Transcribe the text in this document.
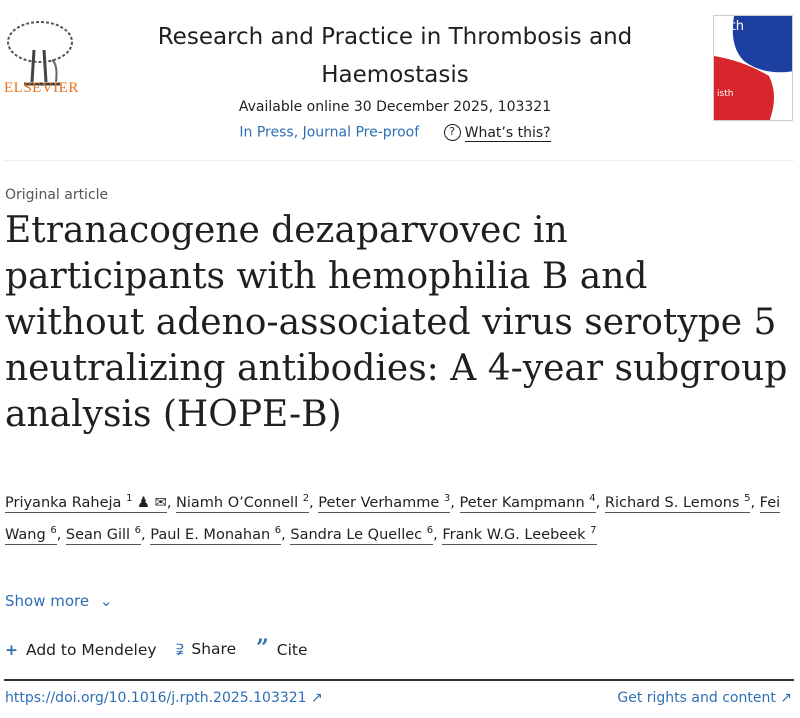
ELSEVIER
Research and Practice in Thrombosis and Haemostasis
Available online 30 December 2025, 103321
In Press, Journal Pre-proof	? What’s this?
rpth
isth
Original article
Etranacogene dezaparvovec in participants with hemophilia B and without adeno-associated virus serotype 5 neutralizing antibodies: A 4-year subgroup analysis (HOPE-B)
Priyanka Raheja $^1$ ♟ ✉, Niamh O’Connell $^2$, Peter Verhamme $^3$, Peter Kampmann $^4$, Richard S. Lemons $^5$, Fei Wang $^6$, Sean Gill $^6$, Paul E. Monahan $^6$, Sandra Le Quellec $^6$, Frank W.G. Leebeek $^7$
Show more ⌄
+ Add to Mendeley ⫌ Share ” Cite
https://doi.org/10.1016/j.rpth.2025.103321 ↗	Get rights and content ↗
